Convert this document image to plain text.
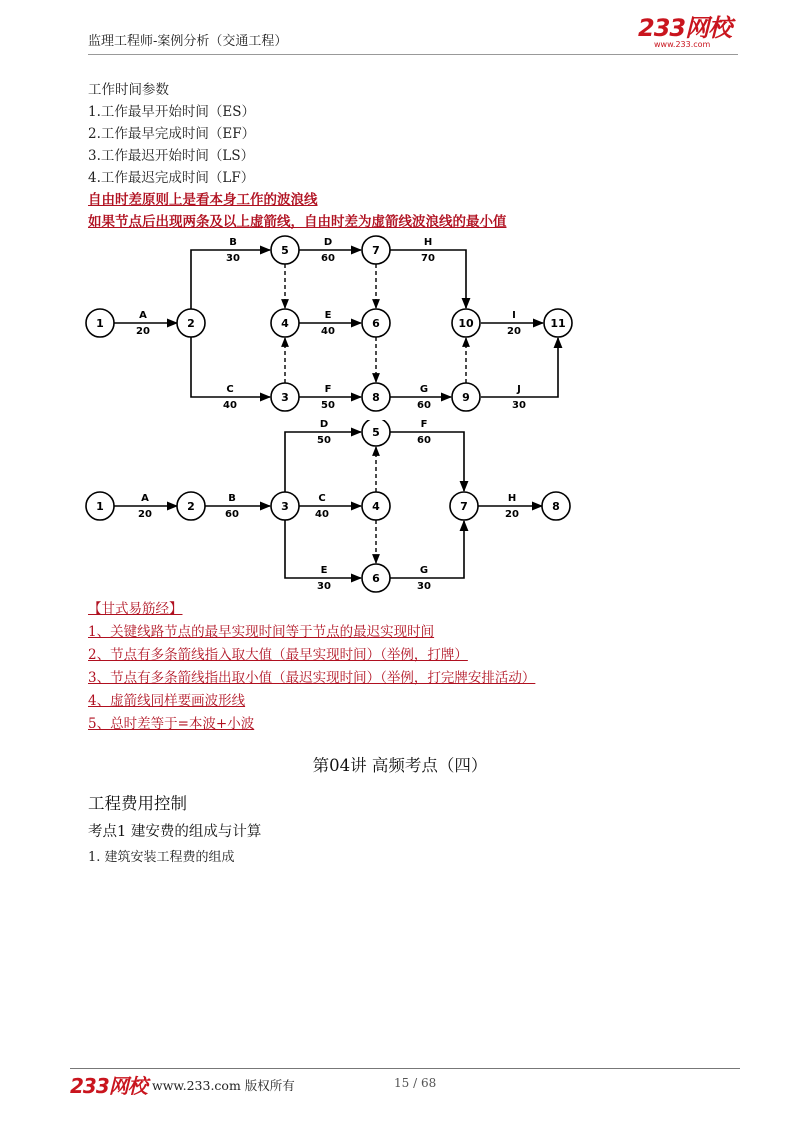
监理工程师-案例分析（交通工程）	233网校
www.233.com
工作时间参数
1.工作最早开始时间（ES）
2.工作最早完成时间（EF）
3.工作最迟开始时间（LS）
4.工作最迟完成时间（LF）
自由时差原则上是看本身工作的波浪线
如果节点后出现两条及以上虚箭线，自由时差为虚箭线波浪线的最小值
1	2
3
4
5
6
7
8	9
10	11
A
20
B
30
C
40
D
60
E
40
F
50
G
60
H
70
I
20
J
30
1	2	3	4
5
6
7	8
A
20
B
60
C
40
D
50
E
30
F
60
G
30
H
20
【甘式易筋经】
1、关键线路节点的最早实现时间等于节点的最迟实现时间
2、节点有多条箭线指入取大值（最早实现时间）（举例，打牌）
3、节点有多条箭线指出取小值（最迟实现时间）（举例，打完牌安排活动）
4、虚箭线同样要画波形线
5、总时差等于=本波+小波
第04讲 高频考点（四）
工程费用控制
考点1 建安费的组成与计算
1. 建筑安装工程费的组成
233网校 www.233.com 版权所有	15 / 68
